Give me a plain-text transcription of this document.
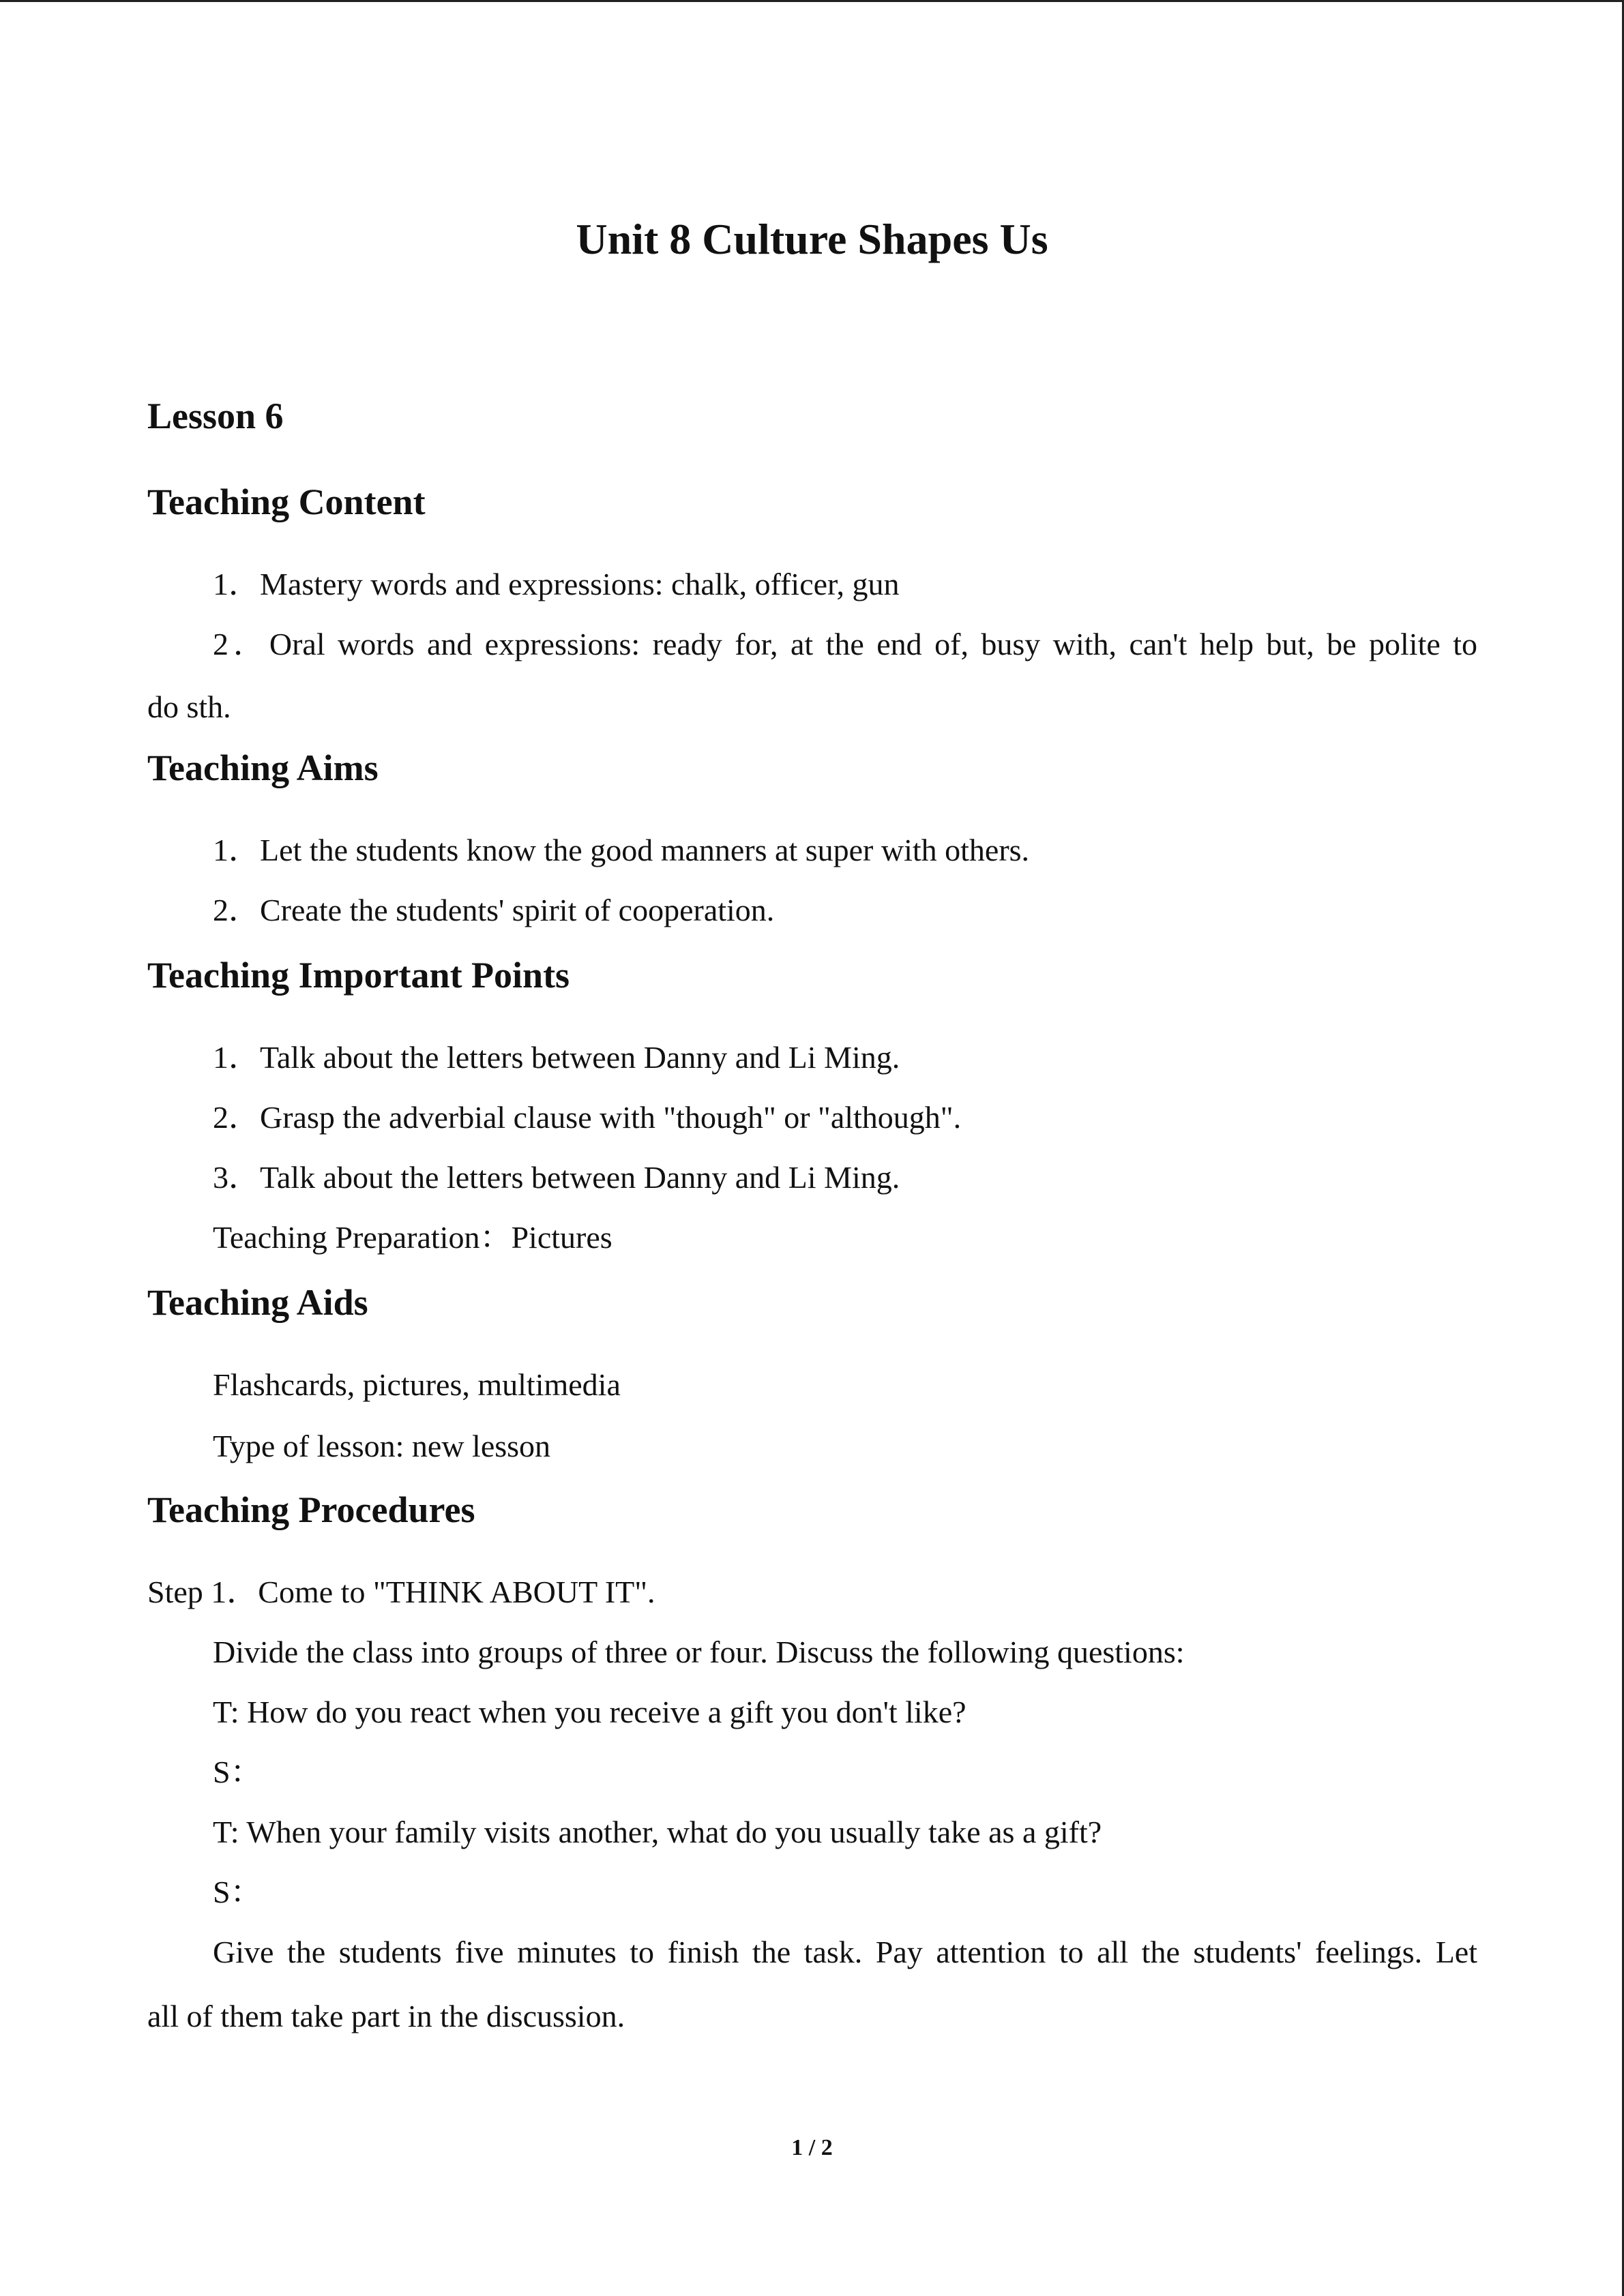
Unit 8 Culture Shapes Us
Lesson 6
Teaching Content
1．Mastery words and expressions: chalk, officer, gun
2．Oral words and expressions: ready for, at the end of, busy with, can't help but, be polite to
do sth.
Teaching Aims
1．Let the students know the good manners at super with others.
2．Create the students' spirit of cooperation.
Teaching Important Points
1．Talk about the letters between Danny and Li Ming.
2．Grasp the adverbial clause with "though" or "although".
3．Talk about the letters between Danny and Li Ming.
Teaching Preparation：Pictures
Teaching Aids
Flashcards, pictures, multimedia
Type of lesson: new lesson
Teaching Procedures
Step 1．Come to "THINK ABOUT IT".
Divide the class into groups of three or four. Discuss the following questions:
T: How do you react when you receive a gift you don't like?
S：
T: When your family visits another, what do you usually take as a gift?
S：
Give the students five minutes to finish the task. Pay attention to all the students' feelings. Let
all of them take part in the discussion.
1 / 2
